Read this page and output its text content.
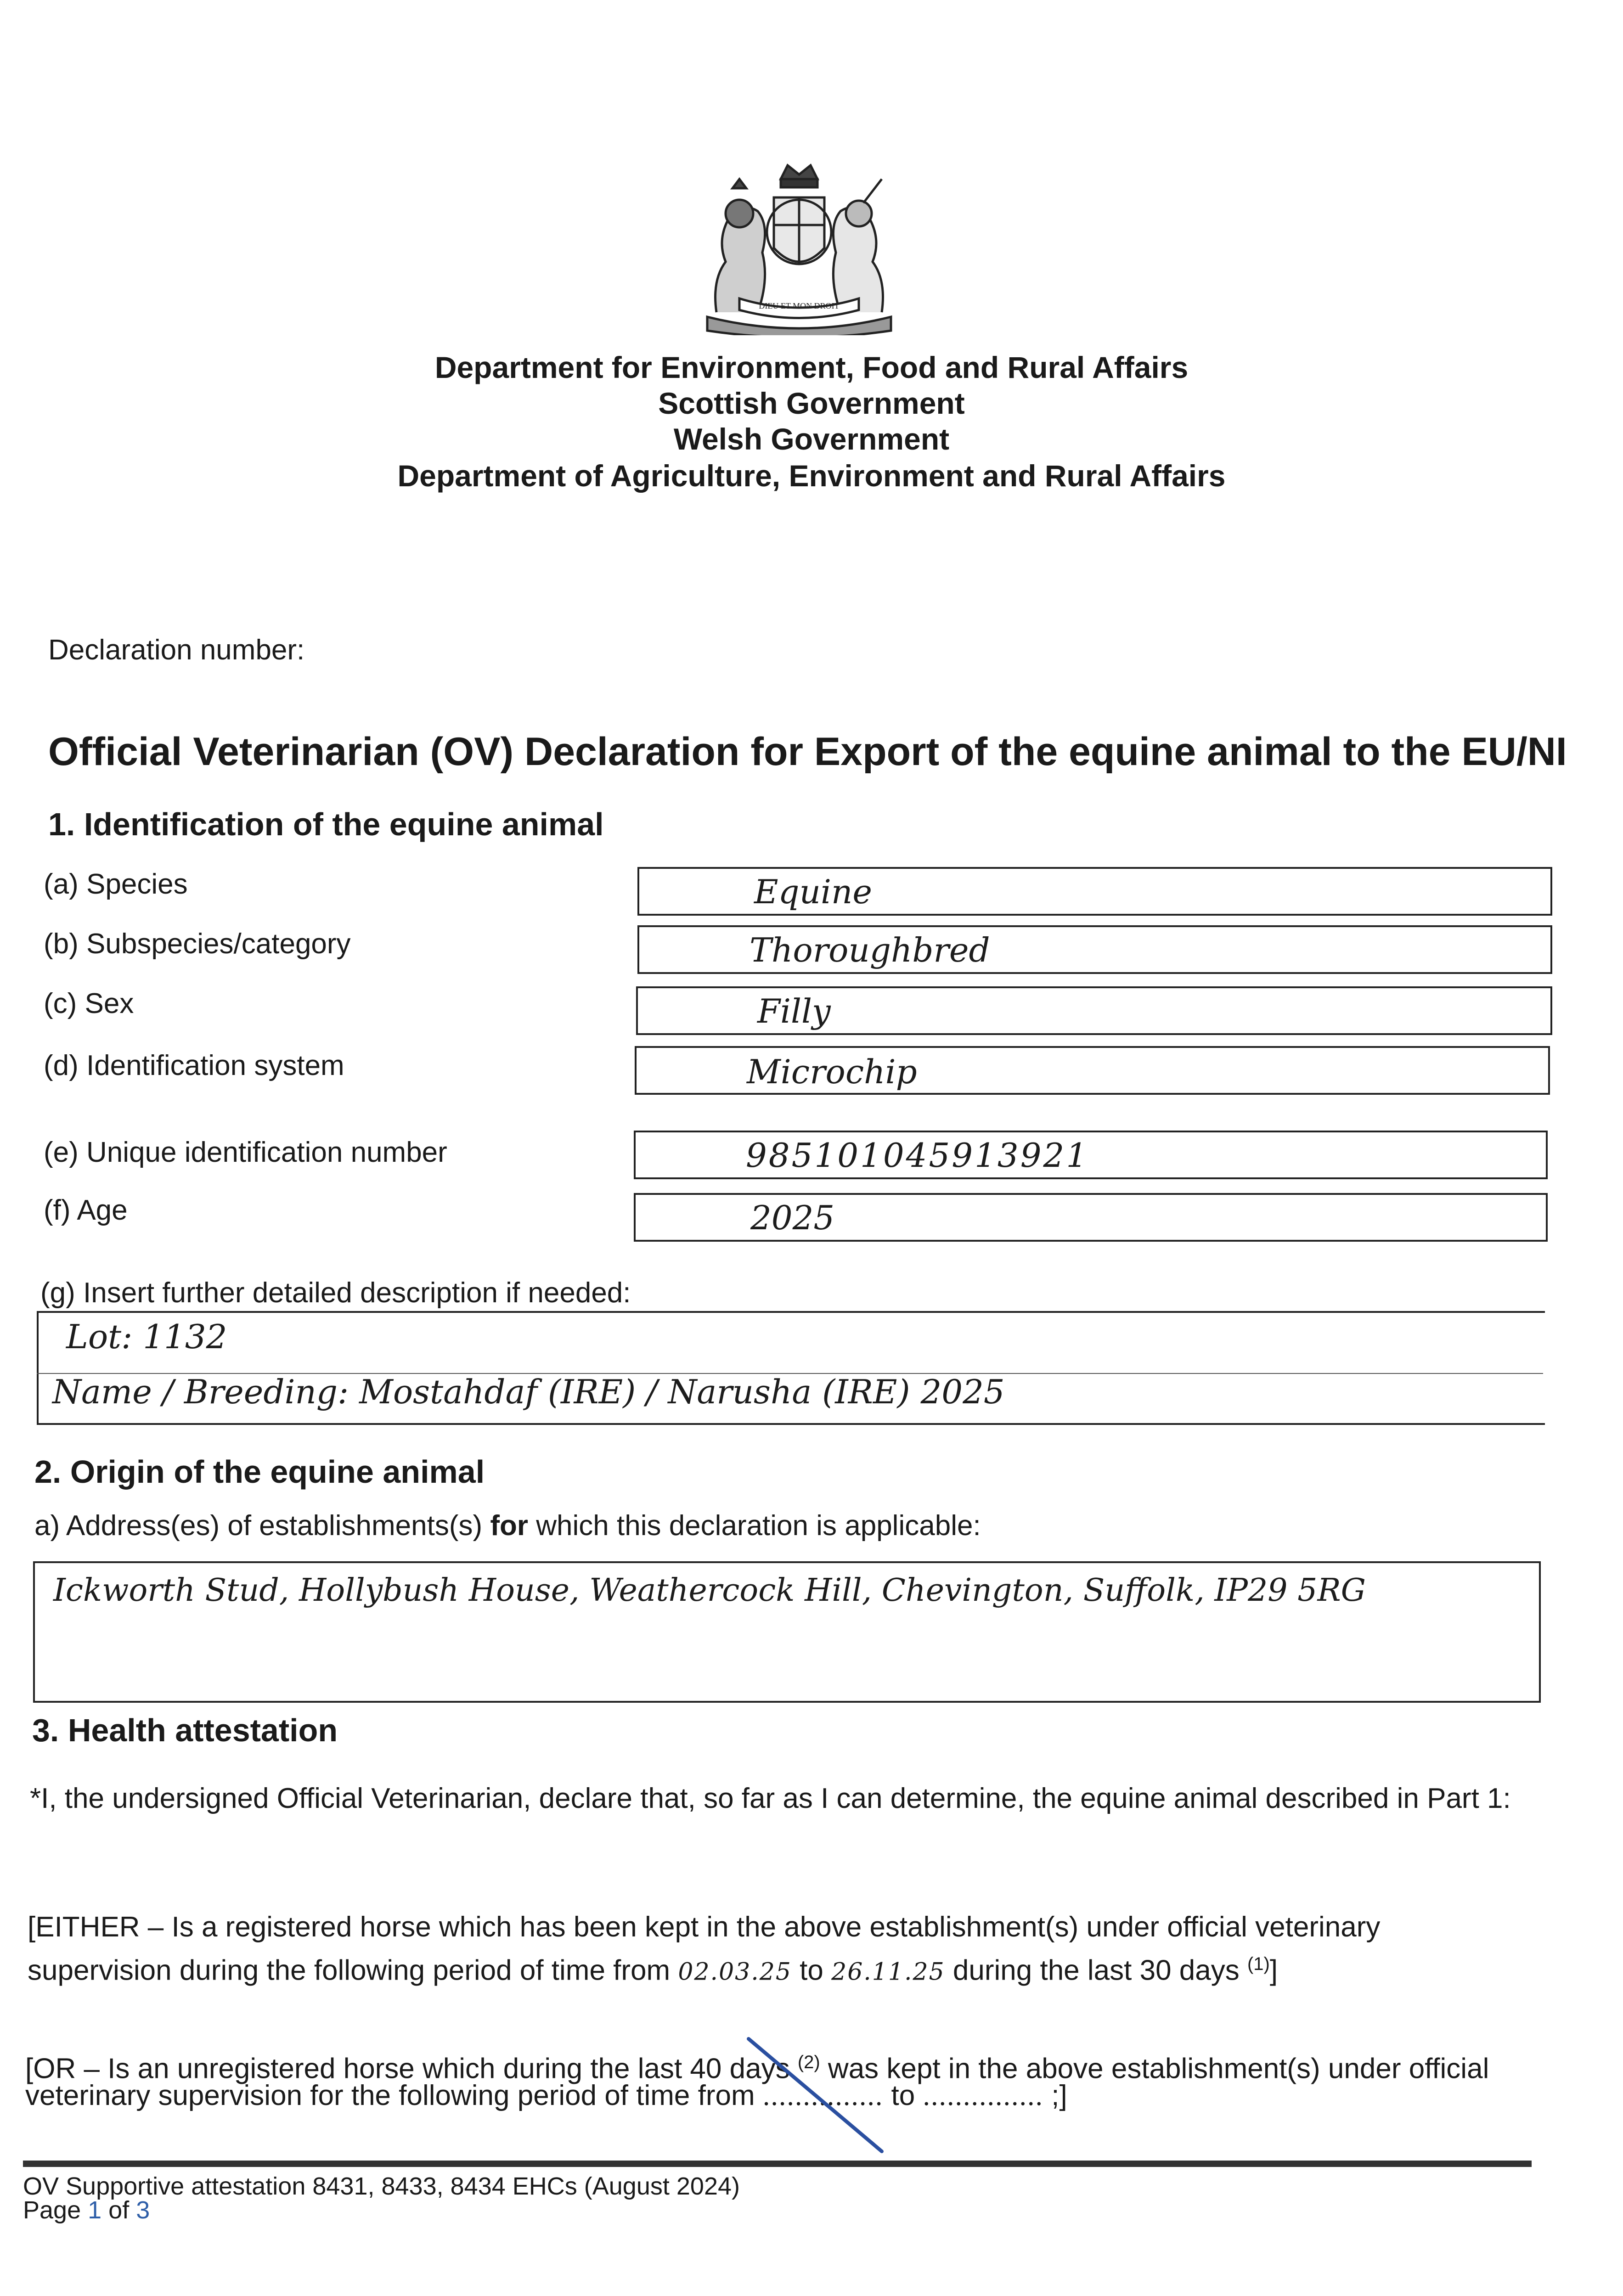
DIEU ET MON DROIT
Department for Environment, Food and Rural Affairs
Scottish Government
Welsh Government
Department of Agriculture, Environment and Rural Affairs
Declaration number:
Official Veterinarian (OV) Declaration for Export of the equine animal to the EU/NI
1. Identification of the equine animal
(a) Species	Equine
(b) Subspecies/category	Thoroughbred
(c) Sex	Filly
(d) Identification system	Microchip
(e) Unique identification number	985101045913921
(f) Age	2025
(g) Insert further detailed description if needed:
Lot: 1132
Name / Breeding: Mostahdaf (IRE) / Narusha (IRE) 2025
2. Origin of the equine animal
a) Address(es) of establishments(s) for which this declaration is applicable:
Ickworth Stud, Hollybush House, Weathercock Hill, Chevington, Suffolk, IP29 5RG
3. Health attestation
*I, the undersigned Official Veterinarian, declare that, so far as I can determine, the equine animal described in Part 1:
[EITHER – Is a registered horse which has been kept in the above establishment(s) under official veterinary
supervision during the following period of time from 02.03.25 to 26.11.25 during the last 30 days $^{(1)}$]
[OR – Is an unregistered horse which during the last 40 days $^{(2)}$ was kept in the above establishment(s) under official
veterinary supervision for the following period of time from ............... to ............... ;]
OV Supportive attestation 8431, 8433, 8434 EHCs (August 2024)
Page 1 of 3
